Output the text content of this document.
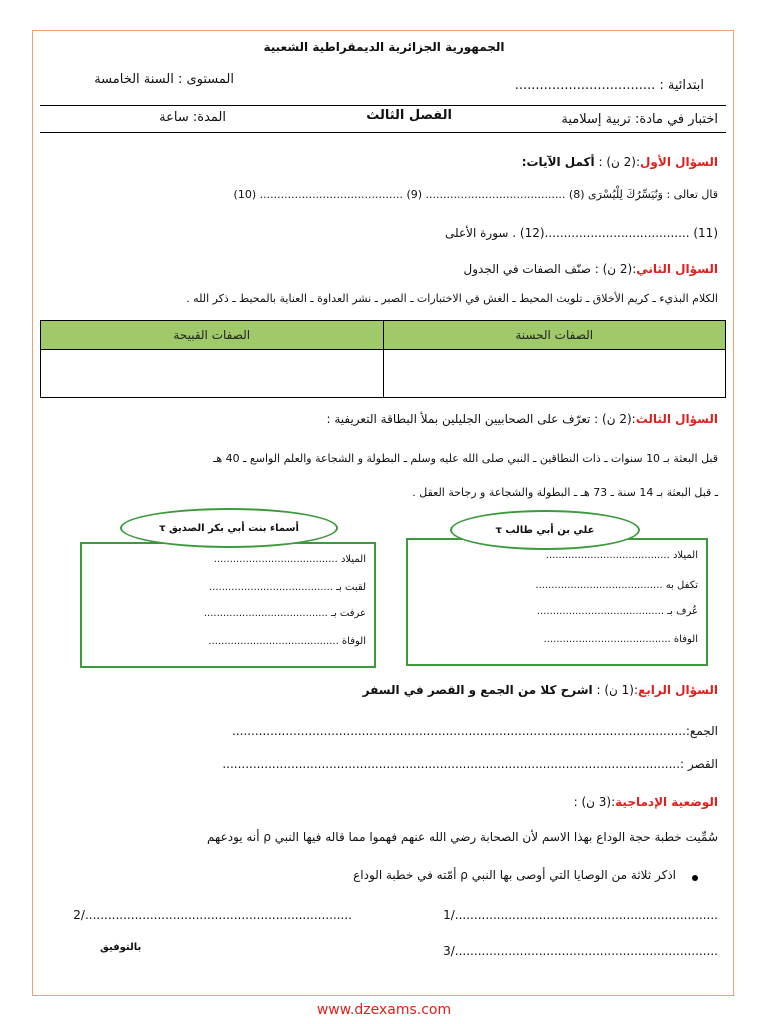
الجمهورية الجزائرية الديمقراطية الشعبية
ابتدائية : ..................................
المستوى : السنة الخامسة
اختبار في مادة: تربية إسلامية
الفصل الثالث
المدة: ساعة
السؤال الأول:(2 ن) : أكمل الآيات:
قال تعالى : وَنُيَسِّرُكَ لِلْيُسْرَى (8) ........................................ (9) ......................................... (10)
(11) ......................................(12) . سورة الأعلى
السؤال الثاني:(2 ن) : صنّف الصفات في الجدول
الكلام البذيء ـ كريم الأخلاق ـ تلويث المحيط ـ الغش في الاختبارات ـ الصبر ـ نشر العداوة ـ العناية بالمحيط ـ ذكر الله .
الصفات القبيحة	الصفات الحسنة

السؤال الثالث:(2 ن) : تعرّف على الصحابيين الجليلين بملأ البطاقة التعريفية :
قبل البعثة بـ 10 سنوات ـ ذات النطاقين ـ النبي صلى الله عليه وسلم ـ البطولة و الشجاعة والعلم الواسع ـ 40 هـ
ـ قبل البعثة بـ 14 سنة ـ 73 هـ ـ البطولة والشجاعة و رجاحة العقل .
الميلاد .......................................
تكفل به ........................................
عُرف بـ ........................................
الوفاة ........................................
علي بن أبي طالب τ
الميلاد .......................................
لقبت بـ .......................................
عرفت بـ .......................................
الوفاة .........................................
أسماء بنت أبي بكر الصديق τ
السؤال الرابع:(1 ن) : اشرح كلا من الجمع و القصر في السفر
الجمع:.......................................................................................................................
القصر :........................................................................................................................
الوضعية الإدماجية:(3 ن) :
سُمِّيت خطبة حجة الوداع بهذا الاسم لأن الصحابة رضي الله عنهم فهموا مما قاله فيها النبي ρ أنه يودعهم
اذكر ثلاثة من الوصايا التي أوصى بها النبي ρ أمّته في خطبة الوداع
1/.....................................................................
2/......................................................................
3/.....................................................................
بالتوفيق
www.dzexams.com
